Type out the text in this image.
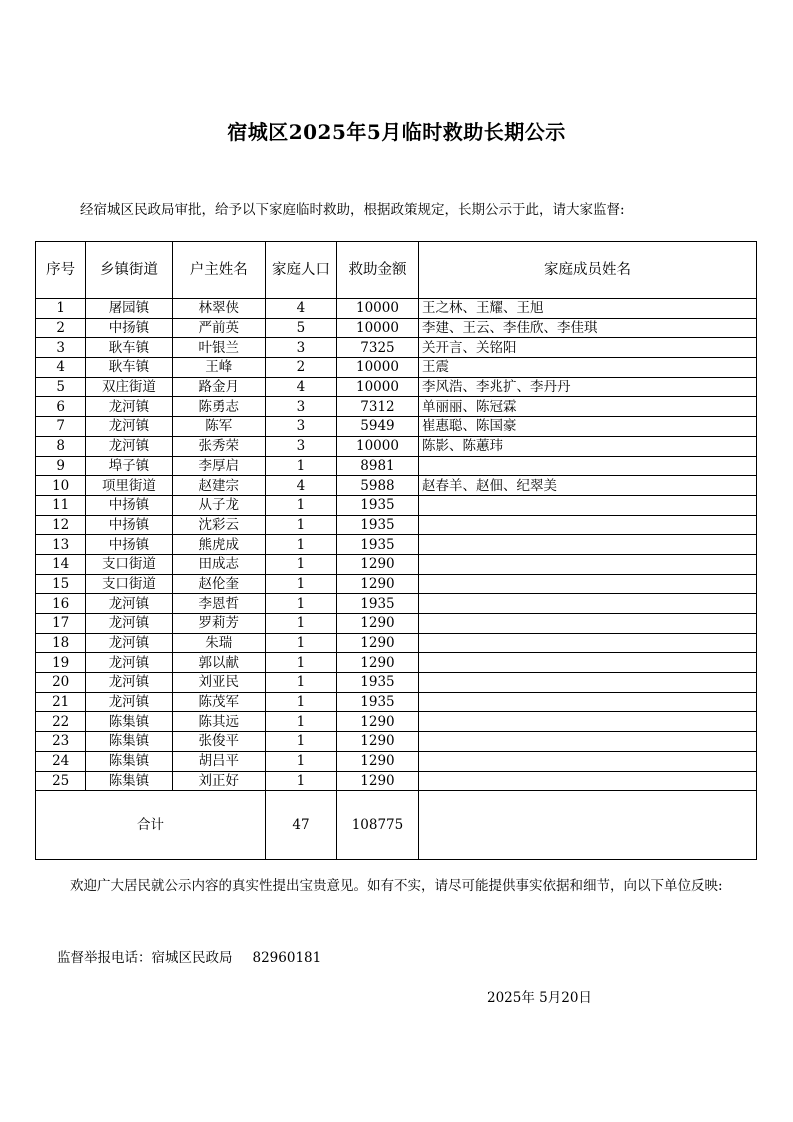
宿城区2025年5月临时救助长期公示
经宿城区民政局审批，给予以下家庭临时救助，根据政策规定，长期公示于此，请大家监督:
序号	乡镇街道	户主姓名	家庭人口	救助金额	家庭成员姓名
1	屠园镇	林翠侠	4	10000	王之林、王耀、王旭
2	中扬镇	严前英	5	10000	李建、王云、李佳欣、李佳琪
3	耿车镇	叶银兰	3	7325	关开言、关铭阳
4	耿车镇	王峰	2	10000	王震
5	双庄街道	路金月	4	10000	李风浩、李兆扩、李丹丹
6	龙河镇	陈勇志	3	7312	单丽丽、陈冠霖
7	龙河镇	陈军	3	5949	崔惠聪、陈国豪
8	龙河镇	张秀荣	3	10000	陈影、陈蕙玮
9	埠子镇	李厚启	1	8981	
10	项里街道	赵建宗	4	5988	赵春羊、赵佃、纪翠美
11	中扬镇	从子龙	1	1935	
12	中扬镇	沈彩云	1	1935	
13	中扬镇	熊虎成	1	1935	
14	支口街道	田成志	1	1290	
15	支口街道	赵伦奎	1	1290	
16	龙河镇	李恩哲	1	1935	
17	龙河镇	罗莉芳	1	1290	
18	龙河镇	朱瑞	1	1290	
19	龙河镇	郭以献	1	1290	
20	龙河镇	刘亚民	1	1935	
21	龙河镇	陈茂军	1	1935	
22	陈集镇	陈其远	1	1290	
23	陈集镇	张俊平	1	1290	
24	陈集镇	胡吕平	1	1290	
25	陈集镇	刘正好	1	1290	
合计			47	108775	
欢迎广大居民就公示内容的真实性提出宝贵意见。如有不实，请尽可能提供事实依据和细节，向以下单位反映:
监督举报电话：宿城区民政局 82960181
2025年 5月20日
